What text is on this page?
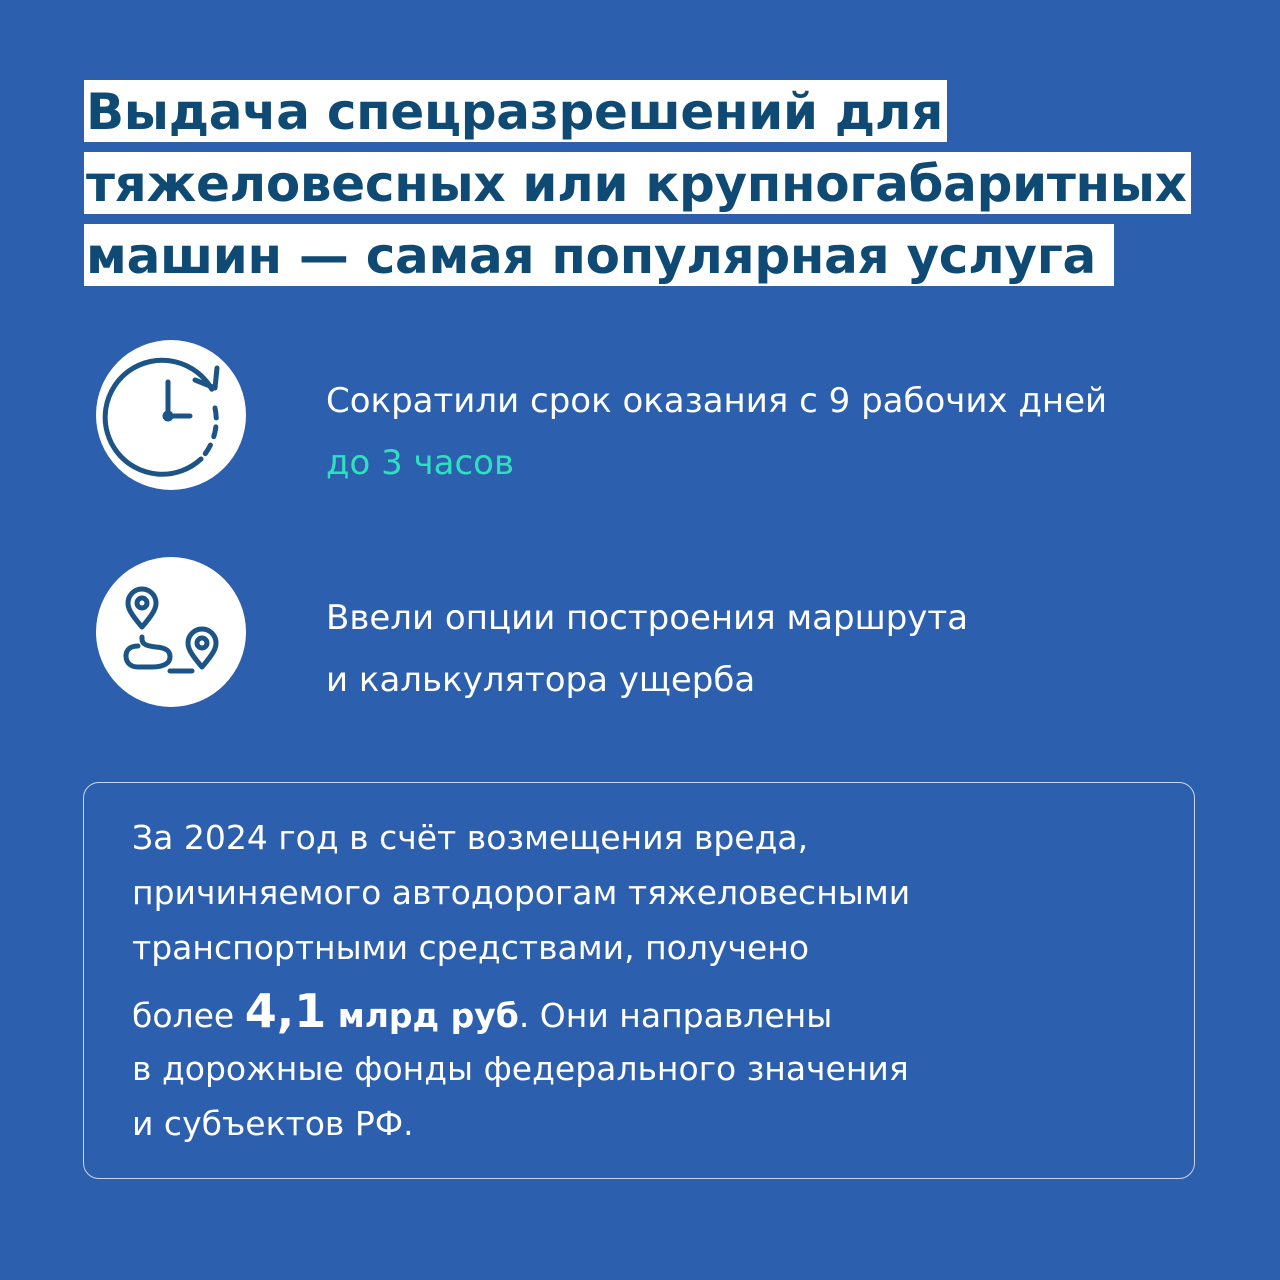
Выдача спецразрешений для
тяжеловесных или крупногабаритных
машин — самая популярная услуга
Сократили срок оказания с 9 рабочих дней
до 3 часов
Ввели опции построения маршрута
и калькулятора ущерба
За 2024 год в счёт возмещения вреда,
причиняемого автодорогам тяжеловесными
транспортными средствами, получено
более 4,1 млрд руб. Они направлены
в дорожные фонды федерального значения
и субъектов РФ.
